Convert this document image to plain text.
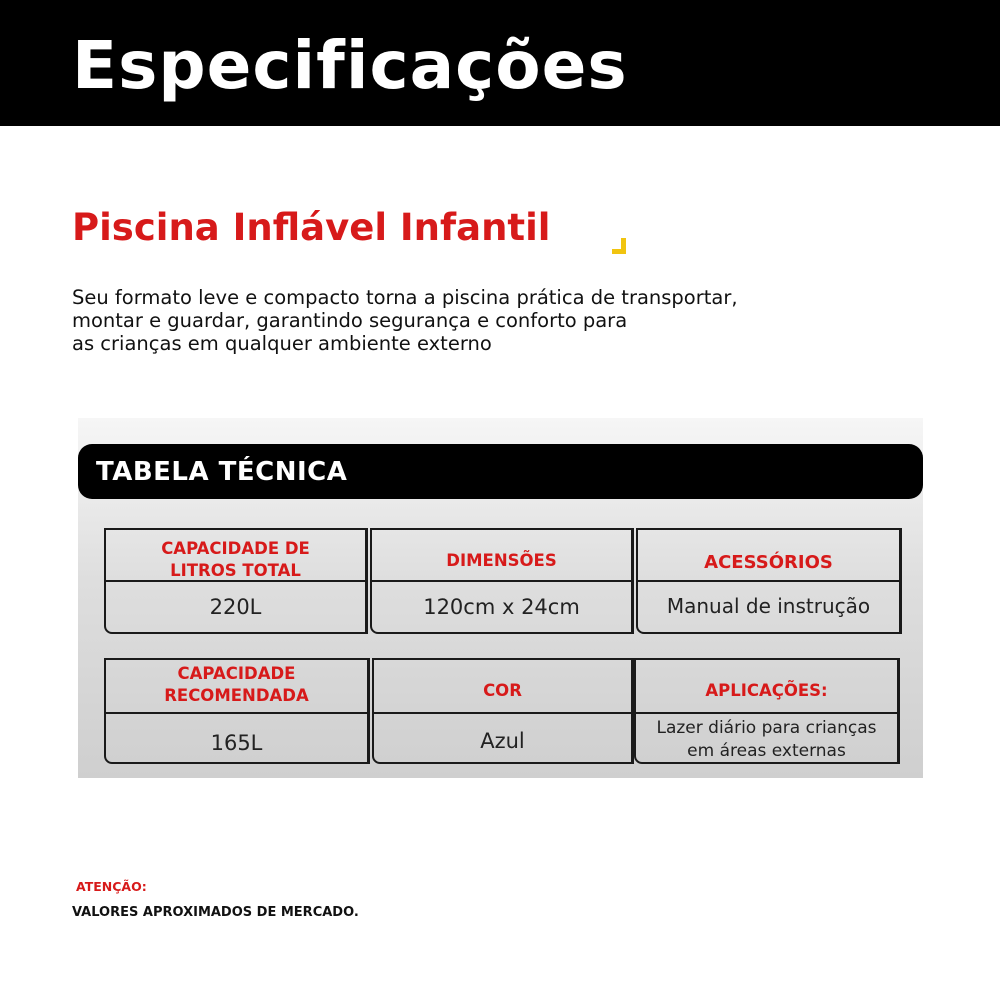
Especificações
Piscina Inflável Infantil
Seu formato leve e compacto torna a piscina prática de transportar,
montar e guardar, garantindo segurança e conforto para
as crianças em qualquer ambiente externo
TABELA TÉCNICA
CAPACIDADE DE
LITROS TOTAL
220L
DIMENSÕES
120cm x 24cm
ACESSÓRIOS
Manual de instrução
CAPACIDADE
RECOMENDADA
165L
COR
Azul
APLICAÇÕES:
Lazer diário para crianças
em áreas externas
ATENÇÃO:
VALORES APROXIMADOS DE MERCADO.
